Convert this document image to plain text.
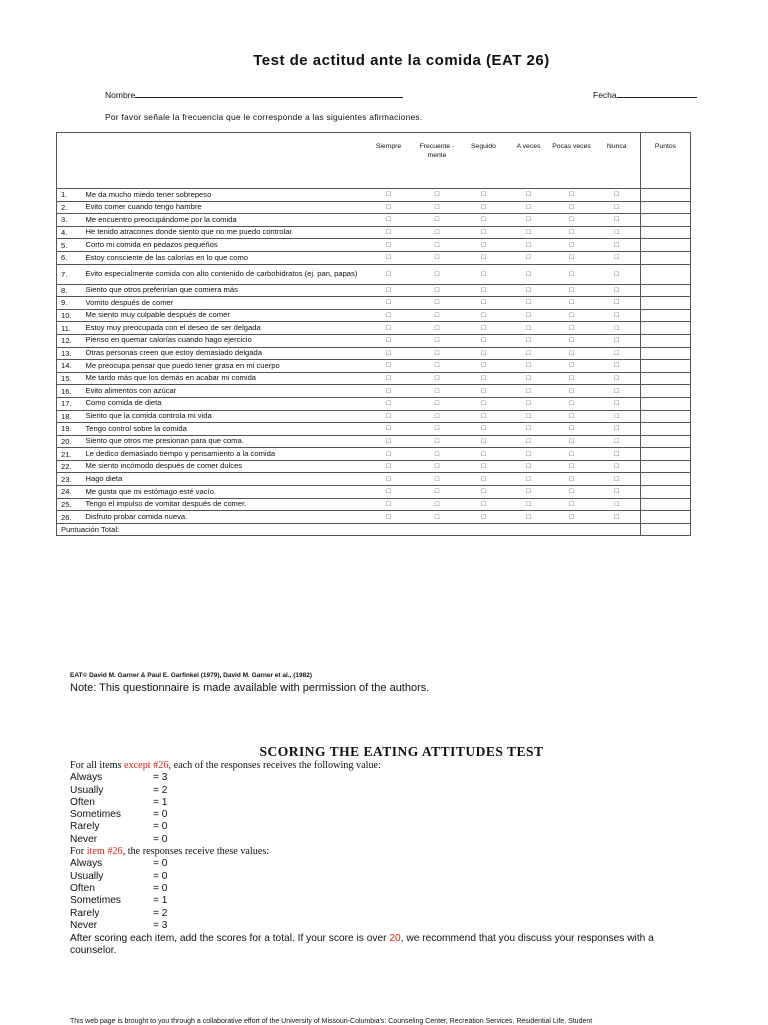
Test de actitud ante la comida (EAT 26)
Nombre	Fecha
Por favor señale la frecuencia que le corresponde a las siguientes afirmaciones.
		Siempre	Frecuente -mente	Seguido	A veces	Pocas veces	Nunca	Puntos
1.	Me da mucho miedo tener sobrepeso	□	□	□	□	□	□	
2.	Evito comer cuando tengo hambre	□	□	□	□	□	□	
3.	Me encuentro preocupándome por la comida	□	□	□	□	□	□	
4.	He tenido atracones donde siento que no me puedo controlar	□	□	□	□	□	□	
5.	Corto mi comida en pedazos pequeños	□	□	□	□	□	□	
6.	Estoy consciente de las calorías en lo que como	□	□	□	□	□	□	
7.	Evito especialmente comida con alto contenido de carbohidratos (ej. pan, papas)	□	□	□	□	□	□	
8.	Siento que otros preferirían que comiera más	□	□	□	□	□	□	
9.	Vomito después de comer	□	□	□	□	□	□	
10.	Me siento muy culpable después de comer	□	□	□	□	□	□	
11.	Estoy muy preocupada con el deseo de ser delgada	□	□	□	□	□	□	
12.	Pienso en quemar calorías cuando hago ejercicio	□	□	□	□	□	□	
13.	Otras personas creen que estoy demasiado delgada	□	□	□	□	□	□	
14.	Me preocupa pensar que puedo tener grasa en mi cuerpo	□	□	□	□	□	□	
15.	Me tardo más que los demás en acabar mi comida	□	□	□	□	□	□	
16.	Evito alimentos con azúcar	□	□	□	□	□	□	
17.	Como comida de dieta	□	□	□	□	□	□	
18.	Siento que la comida controla mi vida	□	□	□	□	□	□	
19.	Tengo control sobre la comida	□	□	□	□	□	□	
20.	Siento que otros me presionan para que coma.	□	□	□	□	□	□	
21.	Le dedico demasiado tiempo y pensamiento a la comida	□	□	□	□	□	□	
22.	Me siento incómodo después de comer dulces	□	□	□	□	□	□	
23.	Hago dieta	□	□	□	□	□	□	
24.	Me gusta que mi estómago esté vacío.	□	□	□	□	□	□	
25.	Tengo el impulso de vomitar después de comer.	□	□	□	□	□	□	
26.	Disfruto probar comida nueva.	□	□	□	□	□	□	
Puntuación Total:								
EAT© David M. Garner & Paul E. Garfinkel (1979), David M. Garner et al., (1982)
Note: This questionnaire is made available with permission of the authors.
SCORING THE EATING ATTITUDES TEST
For all items except #26, each of the responses receives the following value:
Always	= 3
Usually	= 2
Often	= 1
Sometimes	= 0
Rarely	= 0
Never	= 0
For item #26, the responses receive these values:
Always	= 0
Usually	= 0
Often	= 0
Sometimes	= 1
Rarely	= 2
Never	= 3
After scoring each item, add the scores for a total. If your score is over 20, we recommend that you discuss your responses with a counselor.
This web page is brought to you through a collaborative effort of the University of Missouri-Columbia's: Counseling Center, Recreation Services, Residential Life, Student
